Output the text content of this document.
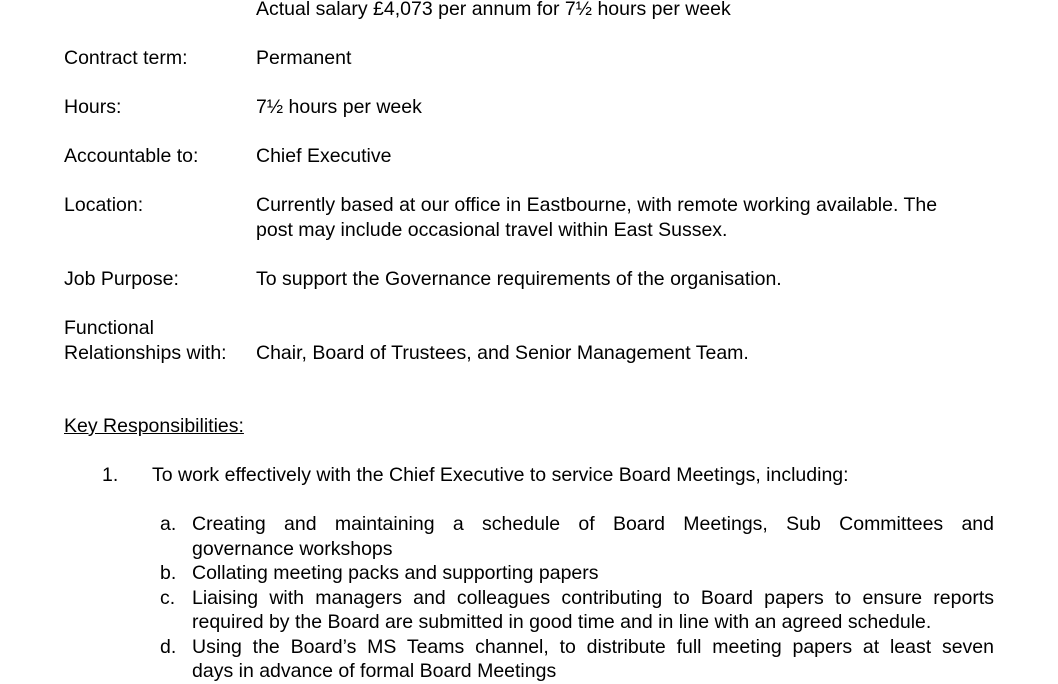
Actual salary £4,073 per annum for 7½ hours per week
Contract term:	Permanent
Hours:	7½ hours per week
Accountable to:	Chief Executive
Location:	Currently based at our office in Eastbourne, with remote working available. The
post may include occasional travel within East Sussex.
Job Purpose:	To support the Governance requirements of the organisation.
Functional
Relationships with: Chair, Board of Trustees, and Senior Management Team.
Key Responsibilities:
1. To work effectively with the Chief Executive to service Board Meetings, including:
a. Creating and maintaining a schedule of Board Meetings, Sub Committees and
governance workshops
b. Collating meeting packs and supporting papers
c. Liaising with managers and colleagues contributing to Board papers to ensure reports
required by the Board are submitted in good time and in line with an agreed schedule.
d. Using the Board’s MS Teams channel, to distribute full meeting papers at least seven
days in advance of formal Board Meetings
